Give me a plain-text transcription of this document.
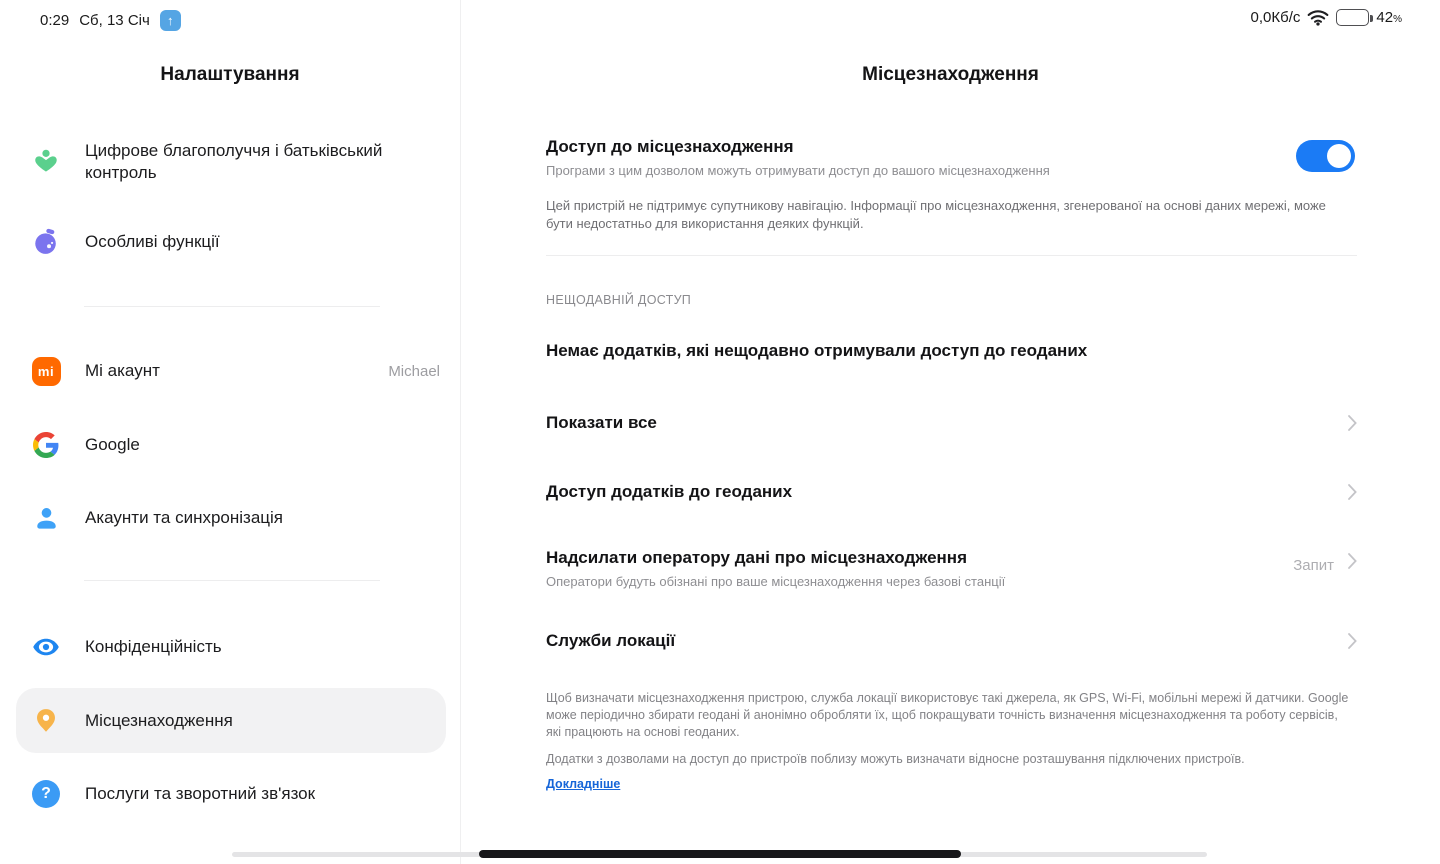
0:29 Сб, 13 Січ ↑	0,0Кб/с	42%
Налаштування
Цифрове благополуччя і батьківський контроль
Особливі функції
mi	Мі акаунт	Michael
Google
Акаунти та синхронізація
Конфіденційність
Місцезнаходження
? Послуги та зворотний зв'язок
Місцезнаходження
Доступ до місцезнаходження
Програми з цим дозволом можуть отримувати доступ до вашого місцезнаходження
Цей пристрій не підтримує супутникову навігацію. Інформації про місцезнаходження, згенерованої на основі даних мережі, може бути недостатньо для використання деяких функцій.
НЕЩОДАВНІЙ ДОСТУП
Немає додатків, які нещодавно отримували доступ до геоданих
Показати все
Доступ додатків до геоданих
Надсилати оператору дані про місцезнаходження
Оператори будуть обізнані про ваше місцезнаходження через базові станції
Запит
Служби локації
Щоб визначати місцезнаходження пристрою, служба локації використовує такі джерела, як GPS, Wi-Fi, мобільні мережі й датчики. Google може періодично збирати геодані й анонімно обробляти їх, щоб покращувати точність визначення місцезнаходження та роботу сервісів, які працюють на основі геоданих.
Додатки з дозволами на доступ до пристроїв поблизу можуть визначати відносне розташування підключених пристроїв.
Докладніше
